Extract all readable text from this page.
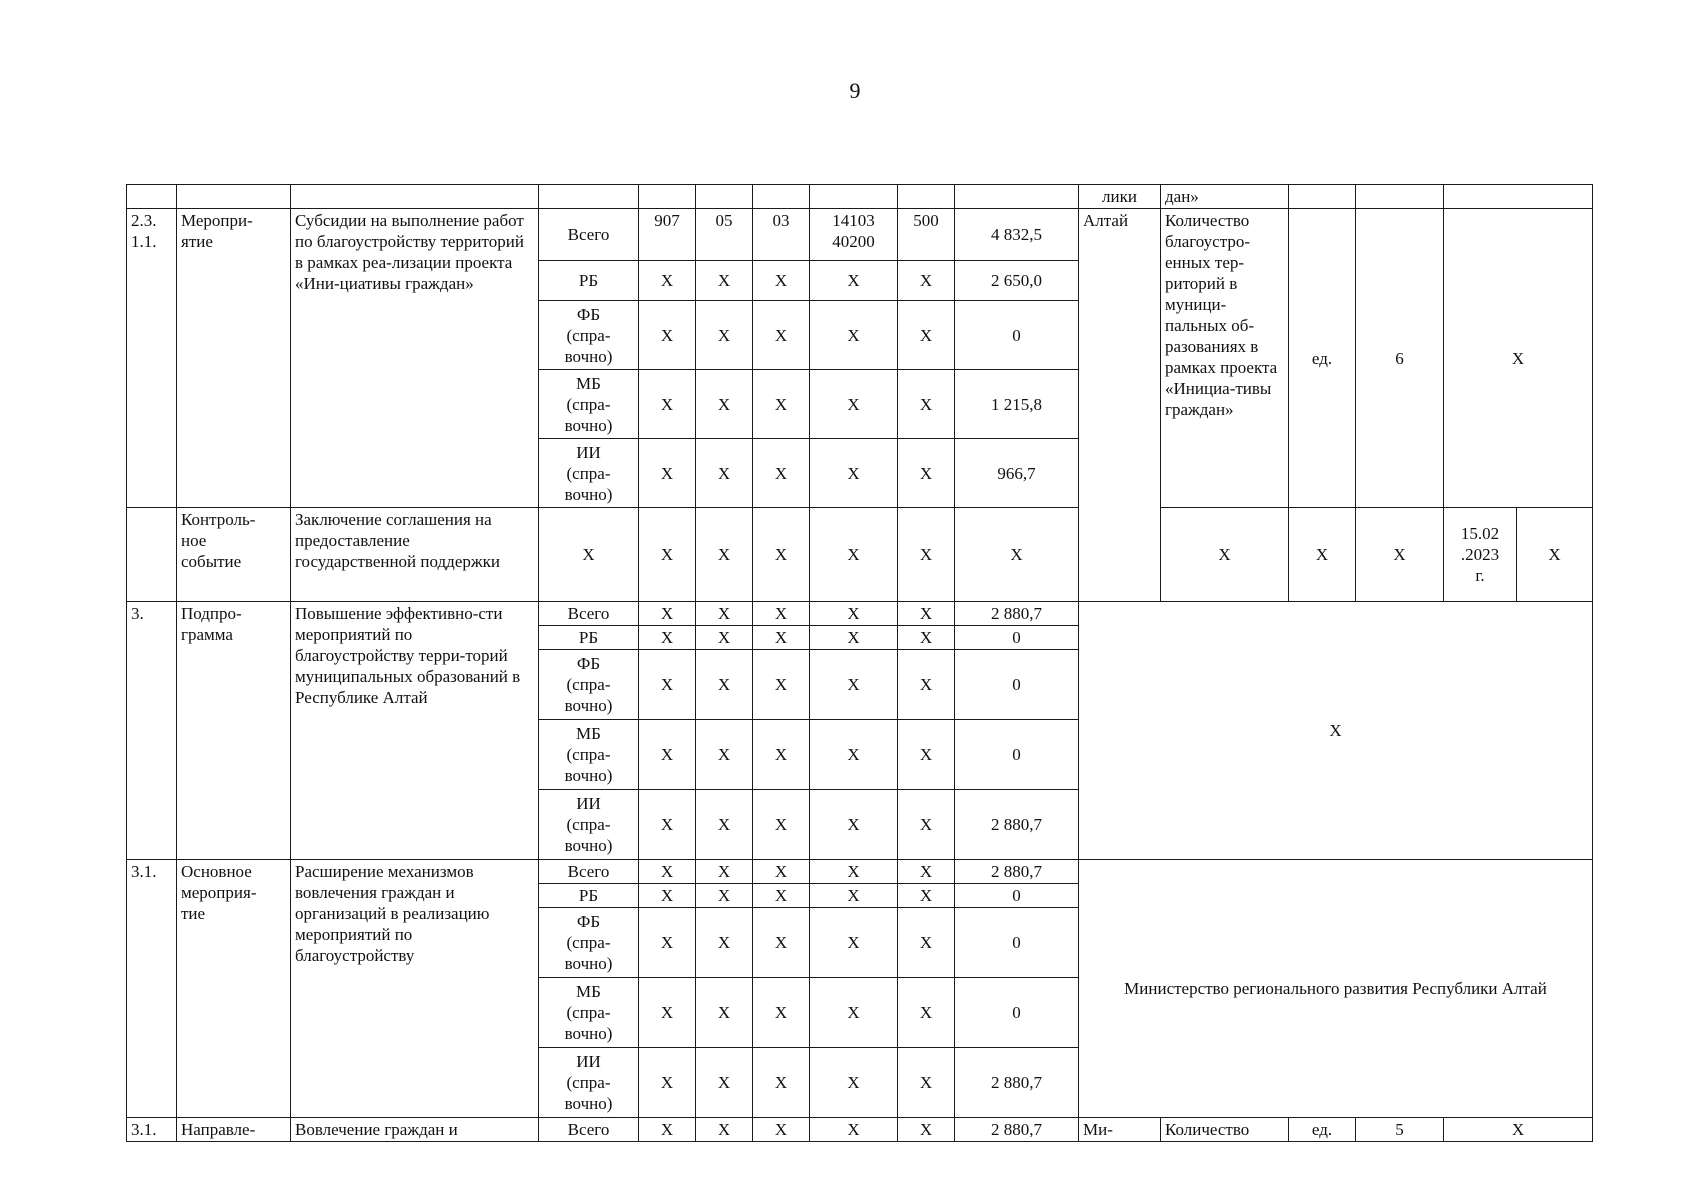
9
										лики	дан»				
2.3.
1.1.	Меропри-
ятие	Субсидии на выполнение работ по благоустройству территорий в рамках реа-лизации проекта «Ини-циативы граждан»	Всего	907	05	03	14103
40200	500	4 832,5	Алтай	Количество благоустро-енных тер-риторий в муници-пальных об-разованиях в рамках проекта «Инициа-тивы граждан»	ед.	6	X	
			РБ	X	X	X	X	X	2 650,0						
			ФБ
(спра-
вочно)	X	X	X	X	X	0						
			МБ
(спра-
вочно)	X	X	X	X	X	1 215,8						
			ИИ
(спра-
вочно)	X	X	X	X	X	966,7						
	Контроль-
ное
событие	Заключение соглашения на предоставление государственной поддержки	X	X	X	X	X	X	X		X	X	X	15.02
.2023
г.	X
3.	Подпро-
грамма	Повышение эффективно-сти мероприятий по благоустройству терри-торий муниципальных образований в Республике Алтай	Всего	X	X	X	X	X	2 880,7	X					
			РБ	X	X	X	X	X	0						
			ФБ
(спра-
вочно)	X	X	X	X	X	0						
			МБ
(спра-
вочно)	X	X	X	X	X	0						
			ИИ
(спра-
вочно)	X	X	X	X	X	2 880,7						
3.1.	Основное
мероприя-
тие	Расширение механизмов вовлечения граждан и организаций в реализацию мероприятий по благоустройству	Всего	X	X	X	X	X	2 880,7	Министерство регионального развития Республики Алтай					
			РБ	X	X	X	X	X	0						
			ФБ
(спра-
вочно)	X	X	X	X	X	0						
			МБ
(спра-
вочно)	X	X	X	X	X	0						
			ИИ
(спра-
вочно)	X	X	X	X	X	2 880,7						
3.1.	Направле-	Вовлечение граждан и	Всего	X	X	X	X	X	2 880,7	Ми-	Количество	ед.	5	X	
